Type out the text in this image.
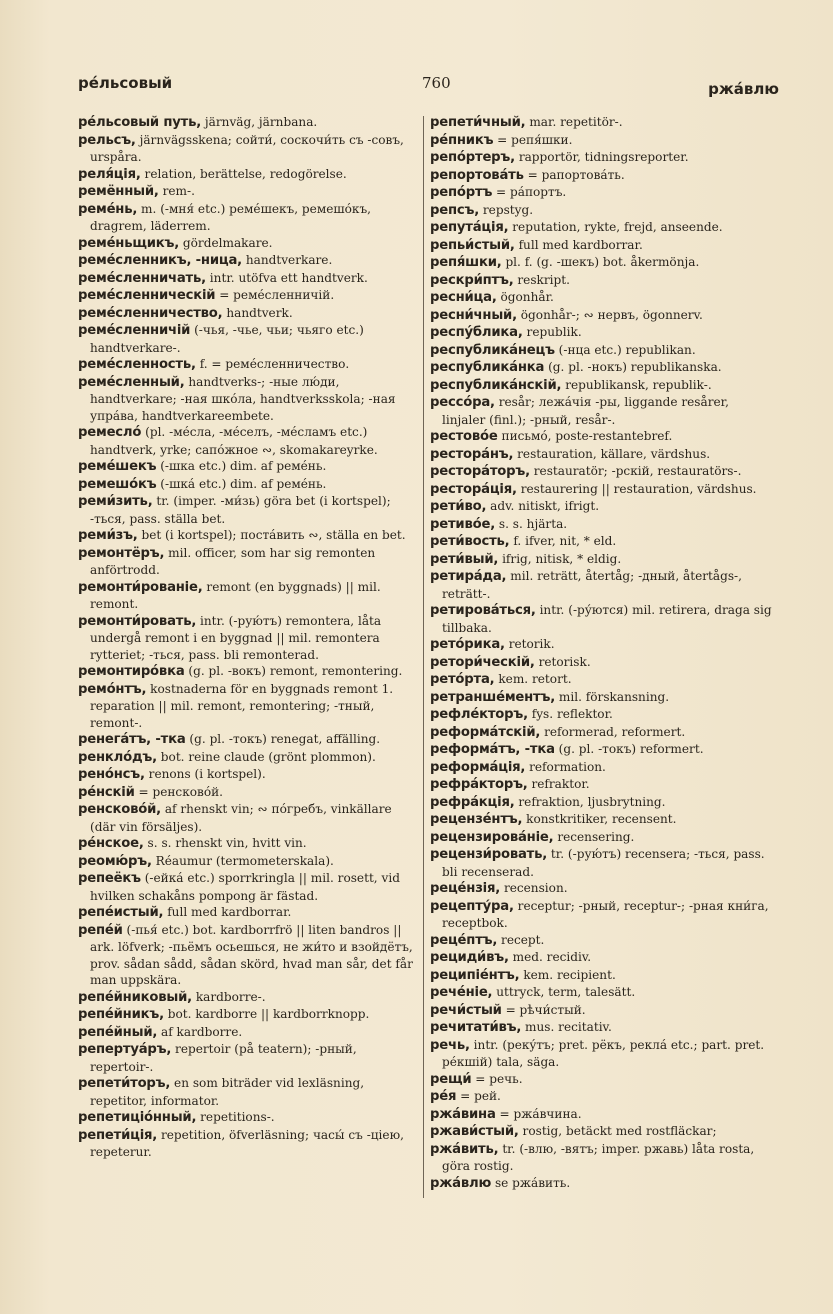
рéльсовый	760	ржáвлю
рéльсовый путь, järnväg, järnbana.
рельсъ, järnvägsskena; сойти́, соскочи́ть съ -совъ, urspåra.
реля́ція, relation, berättelse, redogörelse.
ремённый, rem-.
ремéнь, m. (-мня́ etc.) ремéшекъ, ремешóкъ, dragrem, läderrem.
ремéньщикъ, gördelmakare.
ремéсленникъ, -ница, handtverkare.
ремéсленничать, intr. utöfva ett handtverk.
ремéсленническій = ремéсленничій.
ремéсленничество, handtverk.
ремéсленничій (-чья, -чье, чьи; чьяго etc.) handtverkare-.
ремéсленность, f. = ремéсленничество.
ремéсленный, handtverks-; -ные лю́ди, handtverkare; -ная шкóла, handtverksskola; -ная упрáва, handtverkareembete.
ремесло́ (pl. -мéсла, -мéселъ, -мéсламъ etc.) handtverk, yrke; сапóжное ∾, skomakareyrke.
ремéшекъ (-шка etc.) dim. af ремéнь.
ремешóкъ (-шкá etc.) dim. af ремéнь.
реми́зить, tr. (imper. -ми́зь) göra bet (i kortspel); -ться, pass. ställa bet.
реми́зъ, bet (i kortspel); постáвить ∾, ställa en bet.
ремонтёръ, mil. officer, som har sig remonten anförtrodd.
ремонти́рованіе, remont (en byggnads) || mil. remont.
ремонти́ровать, intr. (-рую́тъ) remontera, låta undergå remont i en byggnad || mil. remontera rytteriet; -ться, pass. bli remonterad.
ремонтирóвка (g. pl. -вокъ) remont, remontering.
ремóнтъ, kostnaderna för en byggnads remont 1. reparation || mil. remont, remontering; -тный, remont-.
ренегáтъ, -тка (g. pl. -токъ) renegat, affälling.
ренклóдъ, bot. reine claude (grönt plommon).
ренóнсъ, renons (i kortspel).
рéнскій = ренсковóй.
ренсковóй, af rhenskt vin; ∾ пóгребъ, vinkällare (där vin försäljes).
рéнское, s. s. rhenskt vin, hvitt vin.
реомю́ръ, Réaumur (termometerskala).
репеёкъ (-ейкá etc.) sporrkringla || mil. rosett, vid hvilken schakåns pompong är fästad.
репéистый, full med kardborrar.
репéй (-пья́ etc.) bot. kardborrfrö || liten bandros || ark. löfverk; -пьёмъ осьешься, не жи́то и взойдётъ, prov. sådan sådd, sådan skörd, hvad man sår, det får man uppskära.
репéйниковый, kardborre-.
репéйникъ, bot. kardborre || kardborrknopp.
репéйный, af kardborre.
репертуáръ, repertoir (på teatern); -рный, repertoir-.
репети́торъ, en som biträder vid lexläsning, repetitor, informator.
репетиціóнный, repetitions-.
репети́ція, repetition, öfverläsning; часы́ съ -ціею, repeterur.
репети́чный, mar. repetitör-.
рéпникъ = репя́шки.
репóртеръ, rapportör, tidningsreporter.
репортовáть = рапортовáть.
репóртъ = рáпортъ.
репсъ, repstyg.
репутáція, reputation, rykte, frejd, anseende.
репьи́стый, full med kardborrar.
репя́шки, pl. f. (g. -шекъ) bot. åkermönja.
рескри́птъ, reskript.
ресни́ца, ögonhår.
ресни́чный, ögonhår-; ∾ нервъ, ögonnerv.
респу́блика, republik.
республикáнецъ (-нца etc.) republikan.
республикáнка (g. pl. -нокъ) republikanska.
республикáнскій, republikansk, republik-.
рессóра, resår; лежáчія -ры, liggande resårer, linjaler (finl.); -рный, resår-.
рестовóе письмó, poste-restantebref.
ресторáнъ, restauration, källare, värdshus.
рестoрáторъ, restauratör; -рскій, restauratörs-.
ресторáція, restaurering || restauration, värdshus.
рети́во, adv. nitiskt, ifrigt.
ретивóе, s. s. hjärta.
рети́вость, f. ifver, nit, * eld.
рети́вый, ifrig, nitisk, * eldig.
ретирáда, mil. reträtt, återtåg; -дный, återtågs-, reträtt-.
ретировáться, intr. (-ру́ются) mil. retirera, draga sig tillbaka.
ретóрика, retorik.
ретори́ческій, retorisk.
ретóрта, kem. retort.
ретраншéментъ, mil. förskansning.
рефлéкторъ, fys. reflektor.
реформáтскій, reformerad, reformert.
реформáтъ, -тка (g. pl. -токъ) reformert.
реформáція, reformation.
рефрáкторъ, refraktor.
рефрáкція, refraktion, ljusbrytning.
рецензéнтъ, konstkritiker, recensent.
рецензировáніе, recensering.
рецензи́ровать, tr. (-рую́тъ) recensera; -ться, pass. bli recenserad.
рецéнзія, recension.
рецептýра, receptur; -рный, receptur-; -рная кни́га, receptbok.
рецéптъ, recept.
рециди́въ, med. recidiv.
реципіéнтъ, kem. recipient.
речéніе, uttryck, term, talesätt.
речи́стый = рѣчи́стый.
речитати́въ, mus. recitativ.
речь, intr. (рекýтъ; pret. рёкъ, реклá etc.; part. pret. рéкшій) tala, säga.
рещи́ = речь.
рéя = рей.
ржáвина = ржáвчина.
ржави́стый, rostig, betäckt med rostfläckar;
ржáвить, tr. (-влю, -вятъ; imper. ржавь) låta rosta, göra rostig.
ржáвлю se ржáвить.
